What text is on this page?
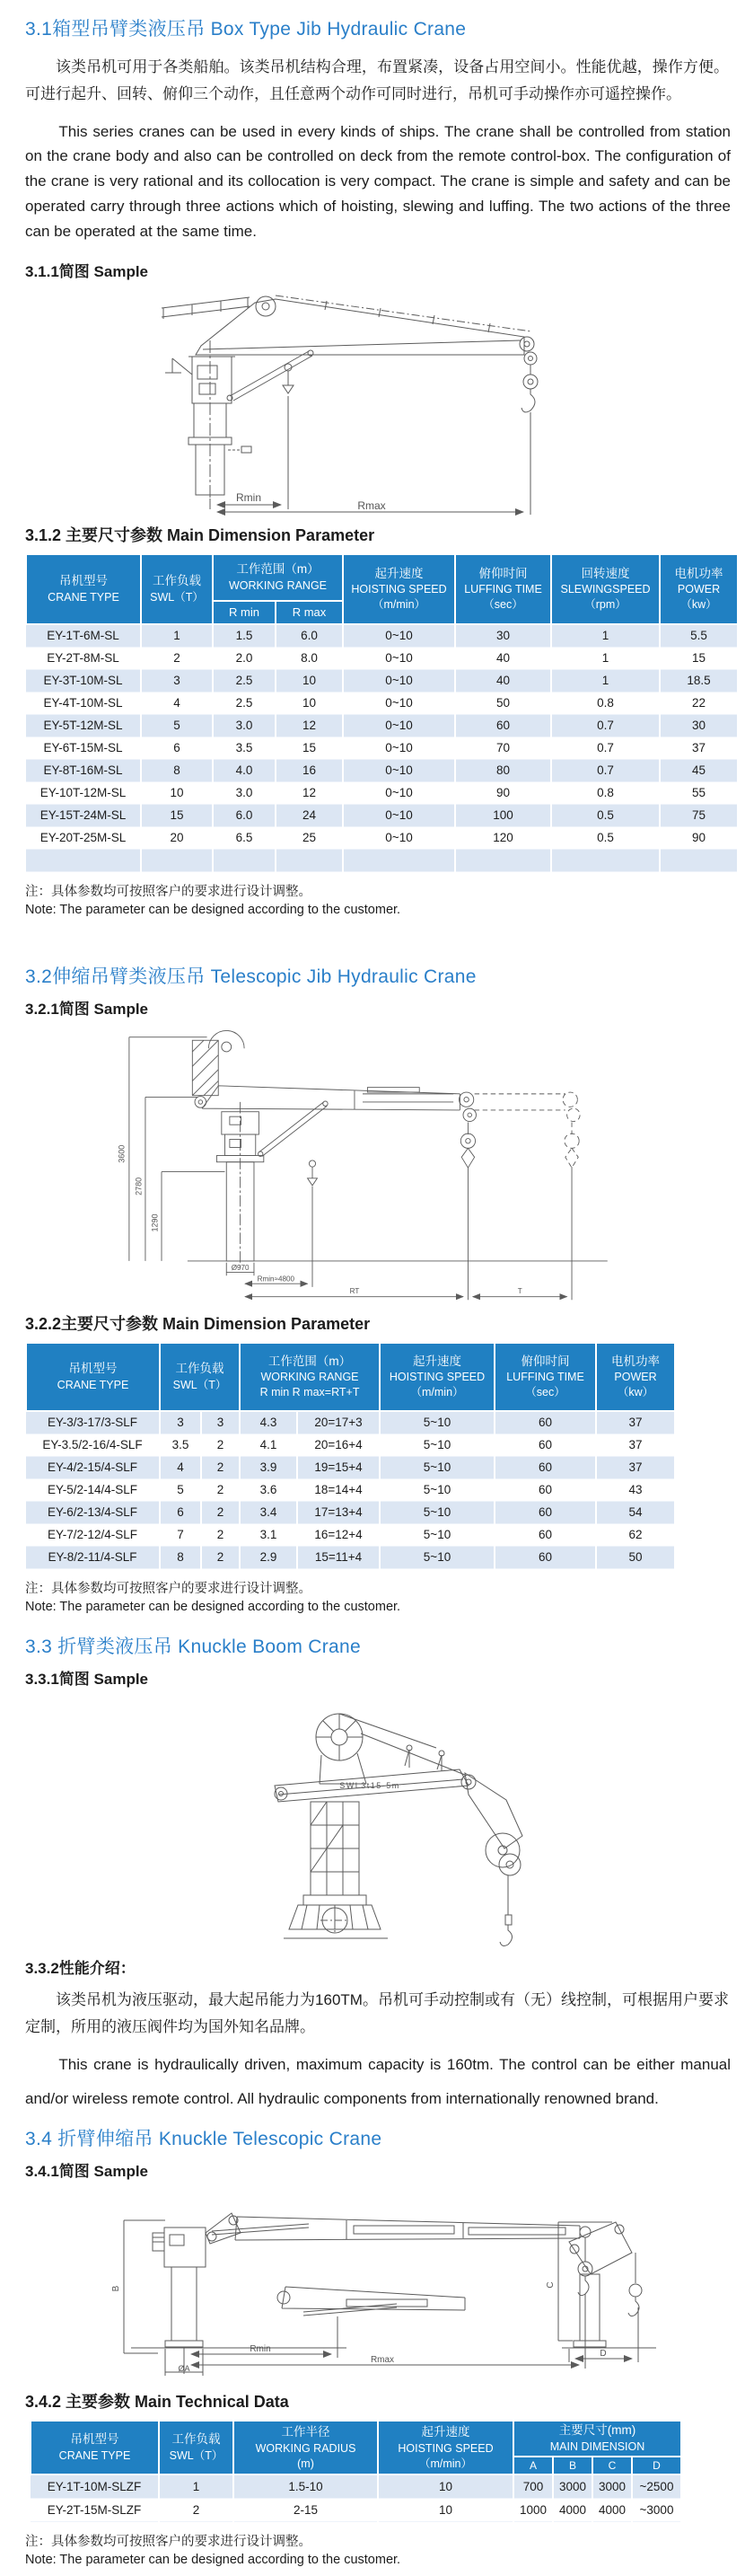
3.1箱型吊臂类液压吊 Box Type Jib Hydraulic Crane

该类吊机可用于各类船舶。该类吊机结构合理，布置紧凑，设备占用空间小。性能优越，操作方便。可进行起升、回转、俯仰三个动作，且任意两个动作可同时进行，吊机可手动操作亦可遥控操作。

This series cranes can be used in every kinds of ships. The crane shall be controlled from station on the crane body and also can be controlled on deck from the remote control-box. The configuration of the crane is very rational and its collocation is very compact. The crane is simple and safety and can be operated carry through three actions which of hoisting, slewing and luffing. The two actions of the three can be operated at the same time.

3.1.1简图 Sample
Rmin
Rmax
3.1.2 主要尺寸参数 Main Dimension Parameter
吊机型号
CRANE TYPE

工作负载
SWL（T）

工作范围（m）
WORKING RANGE

起升速度
HOISTING SPEED
（m/min）

俯仰时间
LUFFING TIME
（sec）

回转速度
SLEWINGSPEED
（rpm）

电机功率
POWER
（kw）

		R min	R max				
EY-1T-6M-SL	1	1.5	6.0	0~10	30	1	5.5
EY-2T-8M-SL	2	2.0	8.0	0~10	40	1	15
EY-3T-10M-SL	3	2.5	10	0~10	40	1	18.5
EY-4T-10M-SL	4	2.5	10	0~10	50	0.8	22
EY-5T-12M-SL	5	3.0	12	0~10	60	0.7	30
EY-6T-15M-SL	6	3.5	15	0~10	70	0.7	37
EY-8T-16M-SL	8	4.0	16	0~10	80	0.7	45
EY-10T-12M-SL	10	3.0	12	0~10	90	0.8	55
EY-15T-24M-SL	15	6.0	24	0~10	100	0.5	75
EY-20T-25M-SL	20	6.5	25	0~10	120	0.5	90

注：具体参数均可按照客户的要求进行设计调整。
Note: The parameter can be designed according to the customer.
3.2伸缩吊臂类液压吊 Telescopic Jib Hydraulic Crane
3.2.1简图 Sample
3600
2780
1290
Ø970
Rmin≈4800
RT	T
3.2.2主要尺寸参数 Main Dimension Parameter
吊机型号
CRANE TYPE

工作负载
SWL（T）

工作范围（m）
WORKING RANGE
R min R max=RT+T

起升速度
HOISTING SPEED
（m/min）

俯仰时间
LUFFING TIME
（sec）

电机功率
POWER
（kw）

EY-3/3-17/3-SLF	3	3	4.3	20=17+3	5~10	60	37
EY-3.5/2-16/4-SLF	3.5	2	4.1	20=16+4	5~10	60	37
EY-4/2-15/4-SLF	4	2	3.9	19=15+4	5~10	60	37
EY-5/2-14/4-SLF	5	2	3.6	18=14+4	5~10	60	43
EY-6/2-13/4-SLF	6	2	3.4	17=13+4	5~10	60	54
EY-7/2-12/4-SLF	7	2	3.1	16=12+4	5~10	60	62
EY-8/2-11/4-SLF	8	2	2.9	15=11+4	5~10	60	50
注：具体参数均可按照客户的要求进行设计调整。
Note: The parameter can be designed according to the customer.
3.3 折臂类液压吊 Knuckle Boom Crane
3.3.1简图 Sample
SWL3t15-5m
3.3.2性能介绍：

该类吊机为液压驱动，最大起吊能力为160TM。吊机可手动控制或有（无）线控制，可根据用户要求定制，所用的液压阀件均为国外知名品牌。

This crane is hydraulically driven, maximum capacity is 160tm. The control can be either manual and/or wireless remote control. All hydraulic components from internationally renowned brand.

3.4 折臂伸缩吊 Knuckle Telescopic Crane
3.4.1简图 Sample
B
C
D
Rmin
Rmax
ØA
3.4.2 主要参数 Main Technical Data
吊机型号
CRANE TYPE

工作负载
SWL（T）

工作半径
WORKING RADIUS
(m)

起升速度
HOISTING SPEED
（m/min）

主要尺寸(mm)
MAIN DIMENSION

				A	B	C	D
EY-1T-10M-SLZF	1	1.5-10	10	700	3000	3000	~2500
EY-2T-15M-SLZF	2	2-15	10	1000	4000	4000	~3000
注：具体参数均可按照客户的要求进行设计调整。
Note: The parameter can be designed according to the customer.
